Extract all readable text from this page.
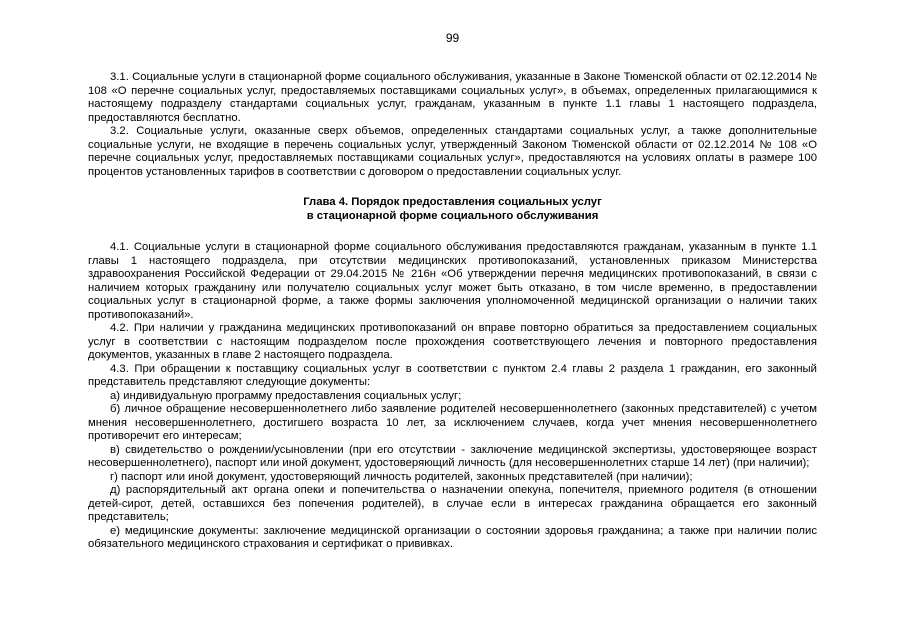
99

3.1. Социальные услуги в стационарной форме социального обслуживания, указанные в Законе Тюменской области от 02.12.2014 № 108 «О перечне социальных услуг, предоставляемых поставщиками социальных услуг», в объемах, определенных прилагающимися к настоящему подразделу стандартами социальных услуг, гражданам, указанным в пункте 1.1 главы 1 настоящего подраздела, предоставляются бесплатно.

3.2. Социальные услуги, оказанные сверх объемов, определенных стандартами социальных услуг, а также дополнительные социальные услуги, не входящие в перечень социальных услуг, утвержденный Законом Тюменской области от 02.12.2014 № 108 «О перечне социальных услуг, предоставляемых поставщиками социальных услуг», предоставляются на условиях оплаты в размере 100 процентов установленных тарифов в соответствии с договором о предоставлении социальных услуг.

Глава 4. Порядок предоставления социальных услуг
в стационарной форме социального обслуживания

4.1. Социальные услуги в стационарной форме социального обслуживания предоставляются гражданам, указанным в пункте 1.1 главы 1 настоящего подраздела, при отсутствии медицинских противопоказаний, установленных приказом Министерства здравоохранения Российской Федерации от 29.04.2015 № 216н «Об утверждении перечня медицинских противопоказаний, в связи с наличием которых гражданину или получателю социальных услуг может быть отказано, в том числе временно, в предоставлении социальных услуг в стационарной форме, а также формы заключения уполномоченной медицинской организации о наличии таких противопоказаний».

4.2. При наличии у гражданина медицинских противопоказаний он вправе повторно обратиться за предоставлением социальных услуг в соответствии с настоящим подразделом после прохождения соответствующего лечения и повторного предоставления документов, указанных в главе 2 настоящего подраздела.

4.3. При обращении к поставщику социальных услуг в соответствии с пунктом 2.4 главы 2 раздела 1 гражданин, его законный представитель представляют следующие документы:

а) индивидуальную программу предоставления социальных услуг;

б) личное обращение несовершеннолетнего либо заявление родителей несовершеннолетнего (законных представителей) с учетом мнения несовершеннолетнего, достигшего возраста 10 лет, за исключением случаев, когда учет мнения несовершеннолетнего противоречит его интересам;

в) свидетельство о рождении/усыновлении (при его отсутствии - заключение медицинской экспертизы, удостоверяющее возраст несовершеннолетнего), паспорт или иной документ, удостоверяющий личность (для несовершеннолетних старше 14 лет) (при наличии);

г) паспорт или иной документ, удостоверяющий личность родителей, законных представителей (при наличии);

д) распорядительный акт органа опеки и попечительства о назначении опекуна, попечителя, приемного родителя (в отношении детей-сирот, детей, оставшихся без попечения родителей), в случае если в интересах гражданина обращается его законный представитель;

е) медицинские документы: заключение медицинской организации о состоянии здоровья гражданина; а также при наличии полис обязательного медицинского страхования и сертификат о прививках.
